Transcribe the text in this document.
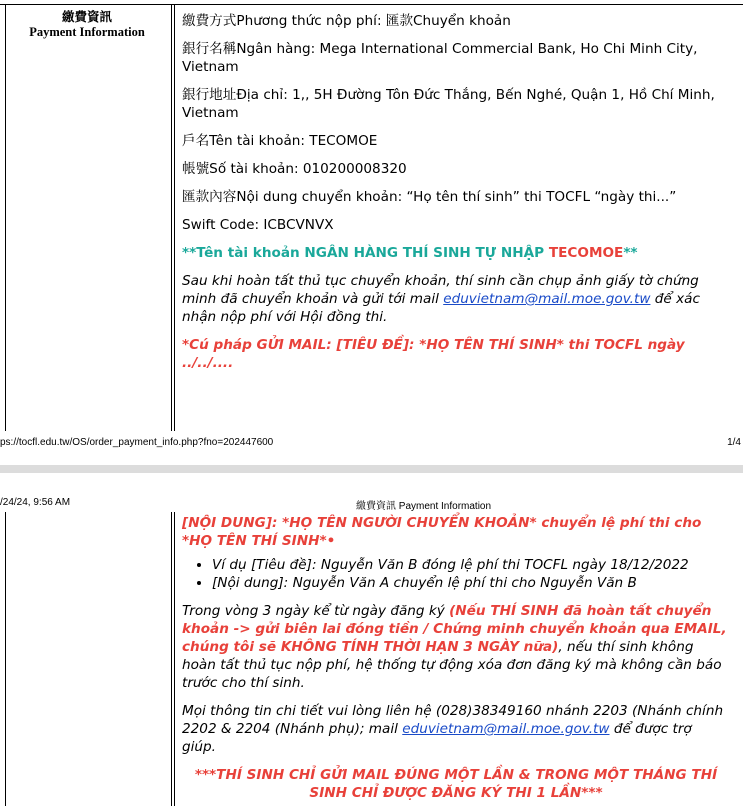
繳費資訊
Payment Information

繳費方式Phương thức nộp phí: 匯款Chuyển khoản

銀行名稱Ngân hàng: Mega International Commercial Bank, Ho Chi Minh City, Vietnam

銀行地址Địa chỉ: 1,, 5H Đường Tôn Đức Thắng, Bến Nghé, Quận 1, Hồ Chí Minh, Vietnam

戶名Tên tài khoản: TECOMOE

帳號Số tài khoản: 010200008320

匯款內容Nội dung chuyển khoản: “Họ tên thí sinh” thi TOCFL “ngày thi...”

Swift Code: ICBCVNVX

**Tên tài khoản NGÂN HÀNG THÍ SINH TỰ NHẬP TECOMOE**

Sau khi hoàn tất thủ tục chuyển khoản, thí sinh cần chụp ảnh giấy tờ chứng minh đã chuyển khoản và gửi tới mail eduvietnam@mail.moe.gov.tw để xác nhận nộp phí với Hội đồng thi.

*Cú pháp GỬI MAIL: [TIÊU ĐỀ]: *HỌ TÊN THÍ SINH* thi TOCFL ngày ../../....

ps://tocfl.edu.tw/OS/order_payment_info.php?fno=202447600	1/4
/24/24, 9:56 AM	繳費資訊 Payment Information

[NỘI DUNG]: *HỌ TÊN NGƯỜI CHUYỂN KHOẢN* chuyển lệ phí thi cho *HỌ TÊN THÍ SINH*•

• Ví dụ [Tiêu đề]: Nguyễn Văn B đóng lệ phí thi TOCFL ngày 18/12/2022
• [Nội dung]: Nguyễn Văn A chuyển lệ phí thi cho Nguyễn Văn B

Trong vòng 3 ngày kể từ ngày đăng ký (Nếu THÍ SINH đã hoàn tất chuyển khoản -> gửi biên lai đóng tiền / Chứng minh chuyển khoản qua EMAIL, chúng tôi sẽ KHÔNG TÍNH THỜI HẠN 3 NGÀY nữa), nếu thí sinh không hoàn tất thủ tục nộp phí, hệ thống tự động xóa đơn đăng ký mà không cần báo trước cho thí sinh.

Mọi thông tin chi tiết vui lòng liên hệ (028)38349160 nhánh 2203 (Nhánh chính 2202 & 2204 (Nhánh phụ); mail eduvietnam@mail.moe.gov.tw để được trợ giúp.

***THÍ SINH CHỈ GỬI MAIL ĐÚNG MỘT LẦN & TRONG MỘT THÁNG THÍ SINH CHỈ ĐƯỢC ĐĂNG KÝ THI 1 LẦN***
